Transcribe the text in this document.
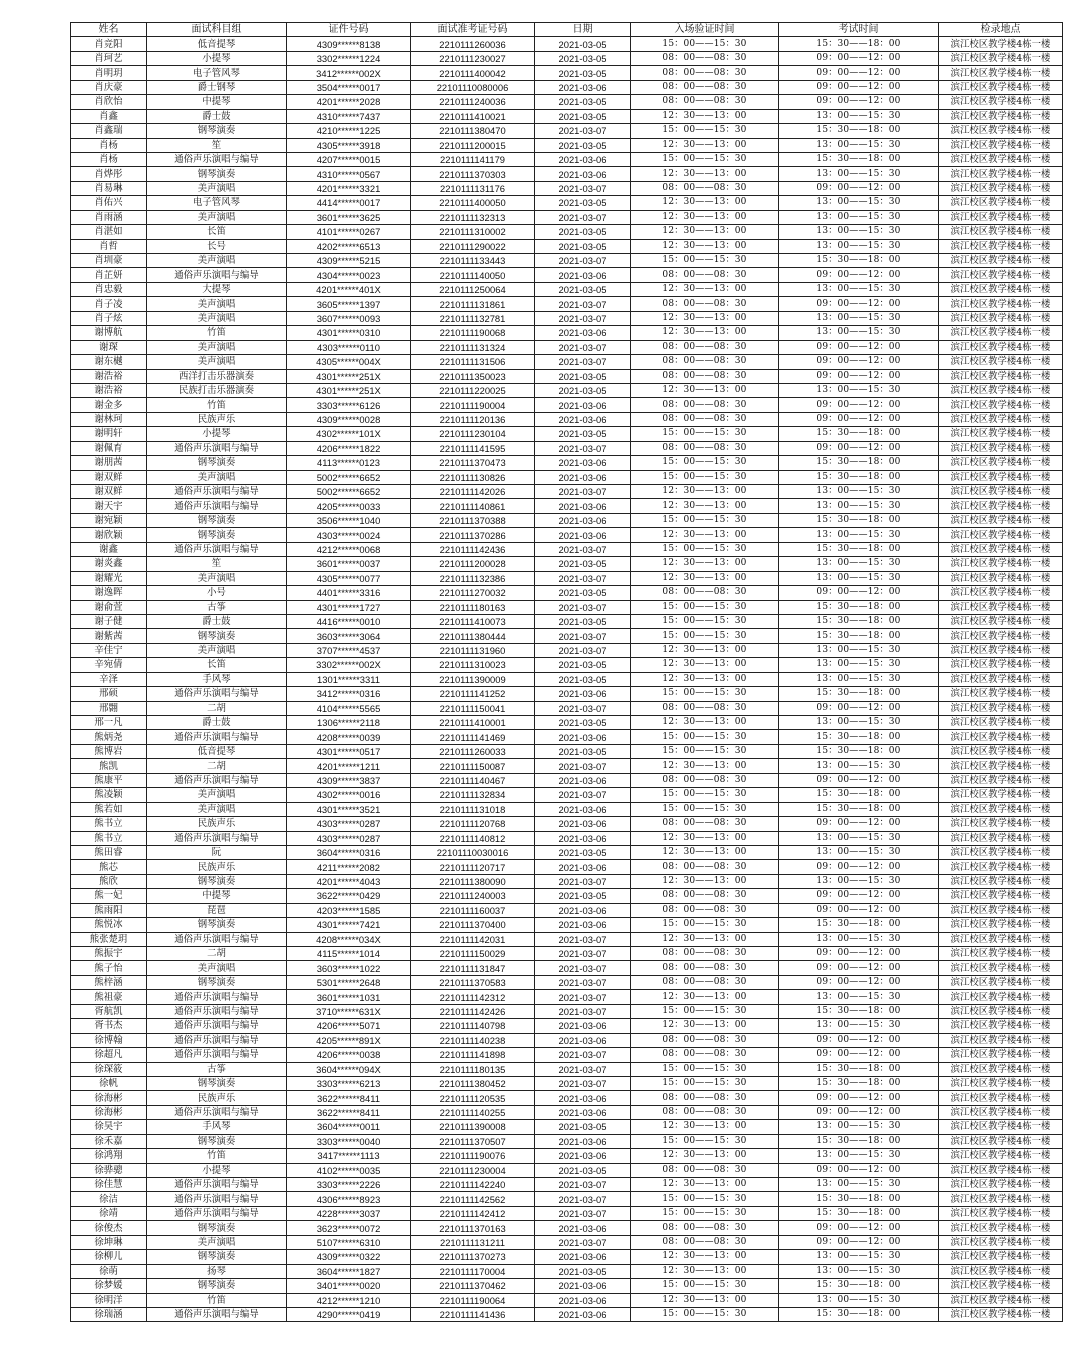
姓名	面试科目组	证件号码	面试准考证号码	日期	入场验证时间	考试时间	检录地点
肖竞阳	低音提琴	4309******8138	2210111260036	2021-03-05	15：00——15：30	15：30——18：00	滨江校区教学楼4栋一楼
肖珂艺	小提琴	3302******1224	2210111230027	2021-03-05	08：00——08：30	09：00——12：00	滨江校区教学楼4栋一楼
肖明玥	电子管风琴	3412******002X	2210111400042	2021-03-05	08：00——08：30	09：00——12：00	滨江校区教学楼4栋一楼
肖庆豪	爵士钢琴	3504******0017	22101110080006	2021-03-06	08：00——08：30	09：00——12：00	滨江校区教学楼4栋一楼
肖欣怡	中提琴	4201******2028	2210111240036	2021-03-05	08：00——08：30	09：00——12：00	滨江校区教学楼4栋一楼
肖鑫	爵士鼓	4310******7437	2210111410021	2021-03-05	12：30——13：00	13：00——15：30	滨江校区教学楼4栋一楼
肖鑫瑞	钢琴演奏	4210******1225	2210111380470	2021-03-07	15：00——15：30	15：30——18：00	滨江校区教学楼4栋一楼
肖杨	笙	4305******3918	2210111200015	2021-03-05	12：30——13：00	13：00——15：30	滨江校区教学楼4栋一楼
肖杨	通俗声乐演唱与编导	4207******0015	2210111141179	2021-03-06	15：00——15：30	15：30——18：00	滨江校区教学楼4栋一楼
肖烨彤	钢琴演奏	4310******0567	2210111370303	2021-03-06	12：30——13：00	13：00——15：30	滨江校区教学楼4栋一楼
肖易琳	美声演唱	4201******3321	2210111131176	2021-03-07	08：00——08：30	09：00——12：00	滨江校区教学楼4栋一楼
肖佑兴	电子管风琴	4414******0017	2210111400050	2021-03-05	12：30——13：00	13：00——15：30	滨江校区教学楼4栋一楼
肖雨涵	美声演唱	3601******3625	2210111132313	2021-03-07	12：30——13：00	13：00——15：30	滨江校区教学楼4栋一楼
肖湛如	长笛	4101******0267	2210111310002	2021-03-05	12：30——13：00	13：00——15：30	滨江校区教学楼4栋一楼
肖哲	长号	4202******6513	2210111290022	2021-03-05	12：30——13：00	13：00——15：30	滨江校区教学楼4栋一楼
肖圳豪	美声演唱	4309******5215	2210111133443	2021-03-07	15：00——15：30	15：30——18：00	滨江校区教学楼4栋一楼
肖芷妍	通俗声乐演唱与编导	4304******0023	2210111140050	2021-03-06	08：00——08：30	09：00——12：00	滨江校区教学楼4栋一楼
肖忠毅	大提琴	4201******401X	2210111250064	2021-03-05	12：30——13：00	13：00——15：30	滨江校区教学楼4栋一楼
肖子凌	美声演唱	3605******1397	2210111131861	2021-03-07	08：00——08：30	09：00——12：00	滨江校区教学楼4栋一楼
肖子炫	美声演唱	3607******0093	2210111132781	2021-03-07	12：30——13：00	13：00——15：30	滨江校区教学楼4栋一楼
谢博航	竹笛	4301******0310	2210111190068	2021-03-06	12：30——13：00	13：00——15：30	滨江校区教学楼4栋一楼
谢琛	美声演唱	4303******0110	2210111131324	2021-03-07	08：00——08：30	09：00——12：00	滨江校区教学楼4栋一楼
谢东樾	美声演唱	4305******004X	2210111131506	2021-03-07	08：00——08：30	09：00——12：00	滨江校区教学楼4栋一楼
谢浩裕	西洋打击乐器演奏	4301******251X	2210111350023	2021-03-05	08：00——08：30	09：00——12：00	滨江校区教学楼4栋一楼
谢浩裕	民族打击乐器演奏	4301******251X	2210111220025	2021-03-05	12：30——13：00	13：00——15：30	滨江校区教学楼4栋一楼
谢金多	竹笛	3303******6126	2210111190004	2021-03-06	08：00——08：30	09：00——12：00	滨江校区教学楼4栋一楼
谢林珂	民族声乐	4309******0028	2210111120136	2021-03-06	08：00——08：30	09：00——12：00	滨江校区教学楼4栋一楼
谢明轩	小提琴	4302******101X	2210111230104	2021-03-05	15：00——15：30	15：30——18：00	滨江校区教学楼4栋一楼
谢佩育	通俗声乐演唱与编导	4206******1822	2210111141595	2021-03-07	08：00——08：30	09：00——12：00	滨江校区教学楼4栋一楼
谢朋茜	钢琴演奏	4113******0123	2210111370473	2021-03-06	15：00——15：30	15：30——18：00	滨江校区教学楼4栋一楼
谢双鲜	美声演唱	5002******6652	2210111130826	2021-03-06	15：00——15：30	15：30——18：00	滨江校区教学楼4栋一楼
谢双鲜	通俗声乐演唱与编导	5002******6652	2210111142026	2021-03-07	12：30——13：00	13：00——15：30	滨江校区教学楼4栋一楼
谢天宇	通俗声乐演唱与编导	4205******0033	2210111140861	2021-03-06	12：30——13：00	13：00——15：30	滨江校区教学楼4栋一楼
谢宛颖	钢琴演奏	3506******1040	2210111370388	2021-03-06	15：00——15：30	15：30——18：00	滨江校区教学楼4栋一楼
谢欣颖	钢琴演奏	4303******0024	2210111370286	2021-03-06	12：30——13：00	13：00——15：30	滨江校区教学楼4栋一楼
谢鑫	通俗声乐演唱与编导	4212******0068	2210111142436	2021-03-07	15：00——15：30	15：30——18：00	滨江校区教学楼4栋一楼
谢炎鑫	笙	3601******0037	2210111200028	2021-03-05	12：30——13：00	13：00——15：30	滨江校区教学楼4栋一楼
谢耀光	美声演唱	4305******0077	2210111132386	2021-03-07	12：30——13：00	13：00——15：30	滨江校区教学楼4栋一楼
谢逸晖	小号	4401******3316	2210111270032	2021-03-05	08：00——08：30	09：00——12：00	滨江校区教学楼4栋一楼
谢俞萱	古筝	4301******1727	2210111180163	2021-03-07	15：00——15：30	15：30——18：00	滨江校区教学楼4栋一楼
谢子健	爵士鼓	4416******0010	2210111410073	2021-03-05	15：00——15：30	15：30——18：00	滨江校区教学楼4栋一楼
谢紫茜	钢琴演奏	3603******3064	2210111380444	2021-03-07	15：00——15：30	15：30——18：00	滨江校区教学楼4栋一楼
辛佳宁	美声演唱	3707******4537	2210111131960	2021-03-07	12：30——13：00	13：00——15：30	滨江校区教学楼4栋一楼
辛宛倩	长笛	3302******002X	2210111310023	2021-03-05	12：30——13：00	13：00——15：30	滨江校区教学楼4栋一楼
辛泽	手风琴	1301******3311	2210111390009	2021-03-05	12：30——13：00	13：00——15：30	滨江校区教学楼4栋一楼
邢硕	通俗声乐演唱与编导	3412******0316	2210111141252	2021-03-06	15：00——15：30	15：30——18：00	滨江校区教学楼4栋一楼
邢翾	二胡	4104******5565	2210111150041	2021-03-07	08：00——08：30	09：00——12：00	滨江校区教学楼4栋一楼
邢一凡	爵士鼓	1306******2118	2210111410001	2021-03-05	12：30——13：00	13：00——15：30	滨江校区教学楼4栋一楼
熊炳尧	通俗声乐演唱与编导	4208******0039	2210111141469	2021-03-06	15：00——15：30	15：30——18：00	滨江校区教学楼4栋一楼
熊博岩	低音提琴	4301******0517	2210111260033	2021-03-05	15：00——15：30	15：30——18：00	滨江校区教学楼4栋一楼
熊凯	二胡	4201******1211	2210111150087	2021-03-07	12：30——13：00	13：00——15：30	滨江校区教学楼4栋一楼
熊康平	通俗声乐演唱与编导	4309******3837	2210111140467	2021-03-06	08：00——08：30	09：00——12：00	滨江校区教学楼4栋一楼
熊凌颖	美声演唱	4302******0016	2210111132834	2021-03-07	15：00——15：30	15：30——18：00	滨江校区教学楼4栋一楼
熊若如	美声演唱	4301******3521	2210111131018	2021-03-06	15：00——15：30	15：30——18：00	滨江校区教学楼4栋一楼
熊书立	民族声乐	4303******0287	2210111120768	2021-03-06	08：00——08：30	09：00——12：00	滨江校区教学楼4栋一楼
熊书立	通俗声乐演唱与编导	4303******0287	2210111140812	2021-03-06	12：30——13：00	13：00——15：30	滨江校区教学楼4栋一楼
熊田睿	阮	3604******0316	22101110030016	2021-03-05	12：30——13：00	13：00——15：30	滨江校区教学楼4栋一楼
熊芯	民族声乐	4211******2082	2210111120717	2021-03-06	08：00——08：30	09：00——12：00	滨江校区教学楼4栋一楼
熊欣	钢琴演奏	4201******4043	2210111380090	2021-03-07	12：30——13：00	13：00——15：30	滨江校区教学楼4栋一楼
熊一妃	中提琴	3622******0429	2210111240003	2021-03-05	08：00——08：30	09：00——12：00	滨江校区教学楼4栋一楼
熊雨阳	琵琶	4203******1585	2210111160037	2021-03-06	08：00——08：30	09：00——12：00	滨江校区教学楼4栋一楼
熊悦冰	钢琴演奏	4301******7421	2210111370400	2021-03-06	15：00——15：30	15：30——18：00	滨江校区教学楼4栋一楼
熊张楚玥	通俗声乐演唱与编导	4208******034X	2210111142031	2021-03-07	12：30——13：00	13：00——15：30	滨江校区教学楼4栋一楼
熊振宇	二胡	4115******1014	2210111150029	2021-03-07	08：00——08：30	09：00——12：00	滨江校区教学楼4栋一楼
熊子怡	美声演唱	3603******1022	2210111131847	2021-03-07	08：00——08：30	09：00——12：00	滨江校区教学楼4栋一楼
熊梓涵	钢琴演奏	5301******2648	2210111370583	2021-03-07	08：00——08：30	09：00——12：00	滨江校区教学楼4栋一楼
熊祖豪	通俗声乐演唱与编导	3601******1031	2210111142312	2021-03-07	12：30——13：00	13：00——15：30	滨江校区教学楼4栋一楼
胥航凯	通俗声乐演唱与编导	3710******631X	2210111142426	2021-03-07	15：00——15：30	15：30——18：00	滨江校区教学楼4栋一楼
胥书杰	通俗声乐演唱与编导	4206******5071	2210111140798	2021-03-06	12：30——13：00	13：00——15：30	滨江校区教学楼4栋一楼
徐博翰	通俗声乐演唱与编导	4205******891X	2210111140238	2021-03-06	08：00——08：30	09：00——12：00	滨江校区教学楼4栋一楼
徐超凡	通俗声乐演唱与编导	4206******0038	2210111141898	2021-03-07	08：00——08：30	09：00——12：00	滨江校区教学楼4栋一楼
徐琛筱	古筝	3604******094X	2210111180135	2021-03-07	15：00——15：30	15：30——18：00	滨江校区教学楼4栋一楼
徐帆	钢琴演奏	3303******6213	2210111380452	2021-03-07	15：00——15：30	15：30——18：00	滨江校区教学楼4栋一楼
徐海彬	民族声乐	3622******8411	2210111120535	2021-03-06	08：00——08：30	09：00——12：00	滨江校区教学楼4栋一楼
徐海彬	通俗声乐演唱与编导	3622******8411	2210111140255	2021-03-06	08：00——08：30	09：00——12：00	滨江校区教学楼4栋一楼
徐昊宇	手风琴	3604******0011	2210111390008	2021-03-05	12：30——13：00	13：00——15：30	滨江校区教学楼4栋一楼
徐禾嘉	钢琴演奏	3303******0040	2210111370507	2021-03-06	15：00——15：30	15：30——18：00	滨江校区教学楼4栋一楼
徐鸿翔	竹笛	3417******1113	2210111190076	2021-03-06	12：30——13：00	13：00——15：30	滨江校区教学楼4栋一楼
徐骅骢	小提琴	4102******0035	2210111230004	2021-03-05	08：00——08：30	09：00——12：00	滨江校区教学楼4栋一楼
徐佳慧	通俗声乐演唱与编导	3303******2226	2210111142240	2021-03-07	12：30——13：00	13：00——15：30	滨江校区教学楼4栋一楼
徐洁	通俗声乐演唱与编导	4306******8923	2210111142562	2021-03-07	15：00——15：30	15：30——18：00	滨江校区教学楼4栋一楼
徐靖	通俗声乐演唱与编导	4228******3037	2210111142412	2021-03-07	15：00——15：30	15：30——18：00	滨江校区教学楼4栋一楼
徐俊杰	钢琴演奏	3623******0072	2210111370163	2021-03-06	08：00——08：30	09：00——12：00	滨江校区教学楼4栋一楼
徐坤琳	美声演唱	5107******6310	2210111131211	2021-03-07	08：00——08：30	09：00——12：00	滨江校区教学楼4栋一楼
徐柳儿	钢琴演奏	4309******0322	2210111370273	2021-03-06	12：30——13：00	13：00——15：30	滨江校区教学楼4栋一楼
徐萌	扬琴	3604******1827	2210111170004	2021-03-05	12：30——13：00	13：00——15：30	滨江校区教学楼4栋一楼
徐梦媛	钢琴演奏	3401******0020	2210111370462	2021-03-06	15：00——15：30	15：30——18：00	滨江校区教学楼4栋一楼
徐明洋	竹笛	4212******1210	2210111190064	2021-03-06	12：30——13：00	13：00——15：30	滨江校区教学楼4栋一楼
徐瑞涵	通俗声乐演唱与编导	4290******0419	2210111141436	2021-03-06	15：00——15：30	15：30——18：00	滨江校区教学楼4栋一楼
